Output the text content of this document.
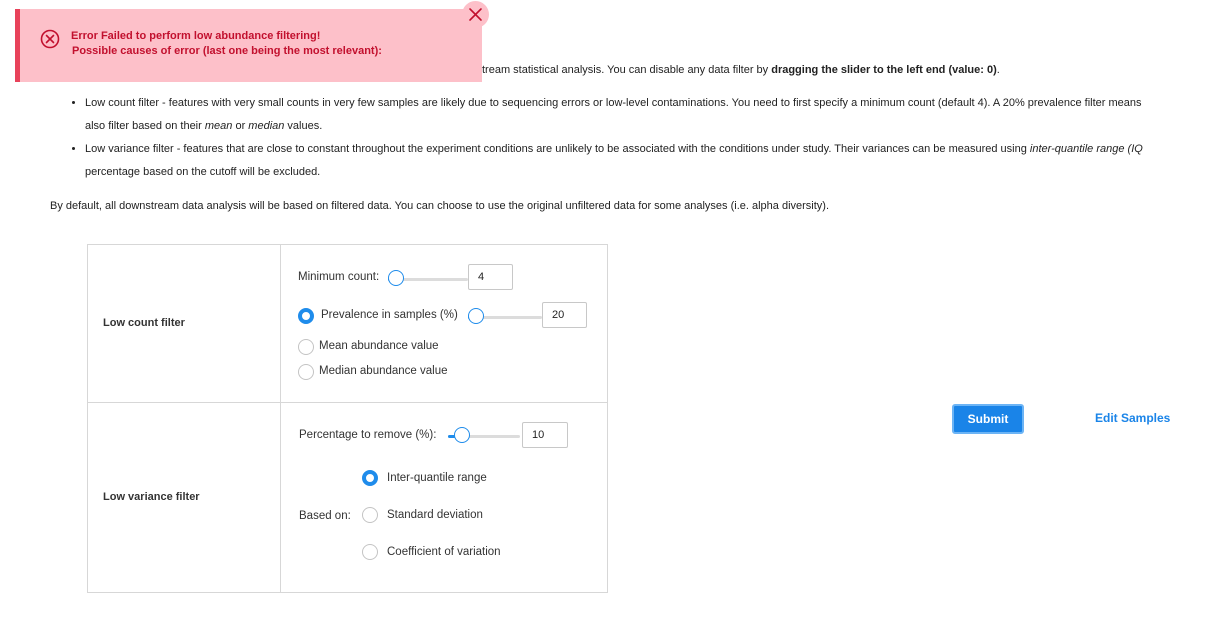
tream statistical analysis. You can disable any data filter by dragging the slider to the left end (value: 0).
• Low count filter - features with very small counts in very few samples are likely due to sequencing errors or low-level contaminations. You need to first specify a minimum count (default 4). A 20% prevalence filter means
also filter based on their mean or median values.
• Low variance filter - features that are close to constant throughout the experiment conditions are unlikely to be associated with the conditions under study. Their variances can be measured using inter-quantile range (IQ
percentage based on the cutoff will be excluded.
By default, all downstream data analysis will be based on filtered data. You can choose to use the original unfiltered data for some analyses (i.e. alpha diversity).
Error Failed to perform low abundance filtering!
Possible causes of error (last one being the most relevant):
Low count filter
Minimum count:	4
Prevalence in samples (%)	20
Mean abundance value
Median abundance value
Low variance filter
Percentage to remove (%):	10
Based on:
Inter-quantile range
Standard deviation
Coefficient of variation
Submit	Edit Samples
